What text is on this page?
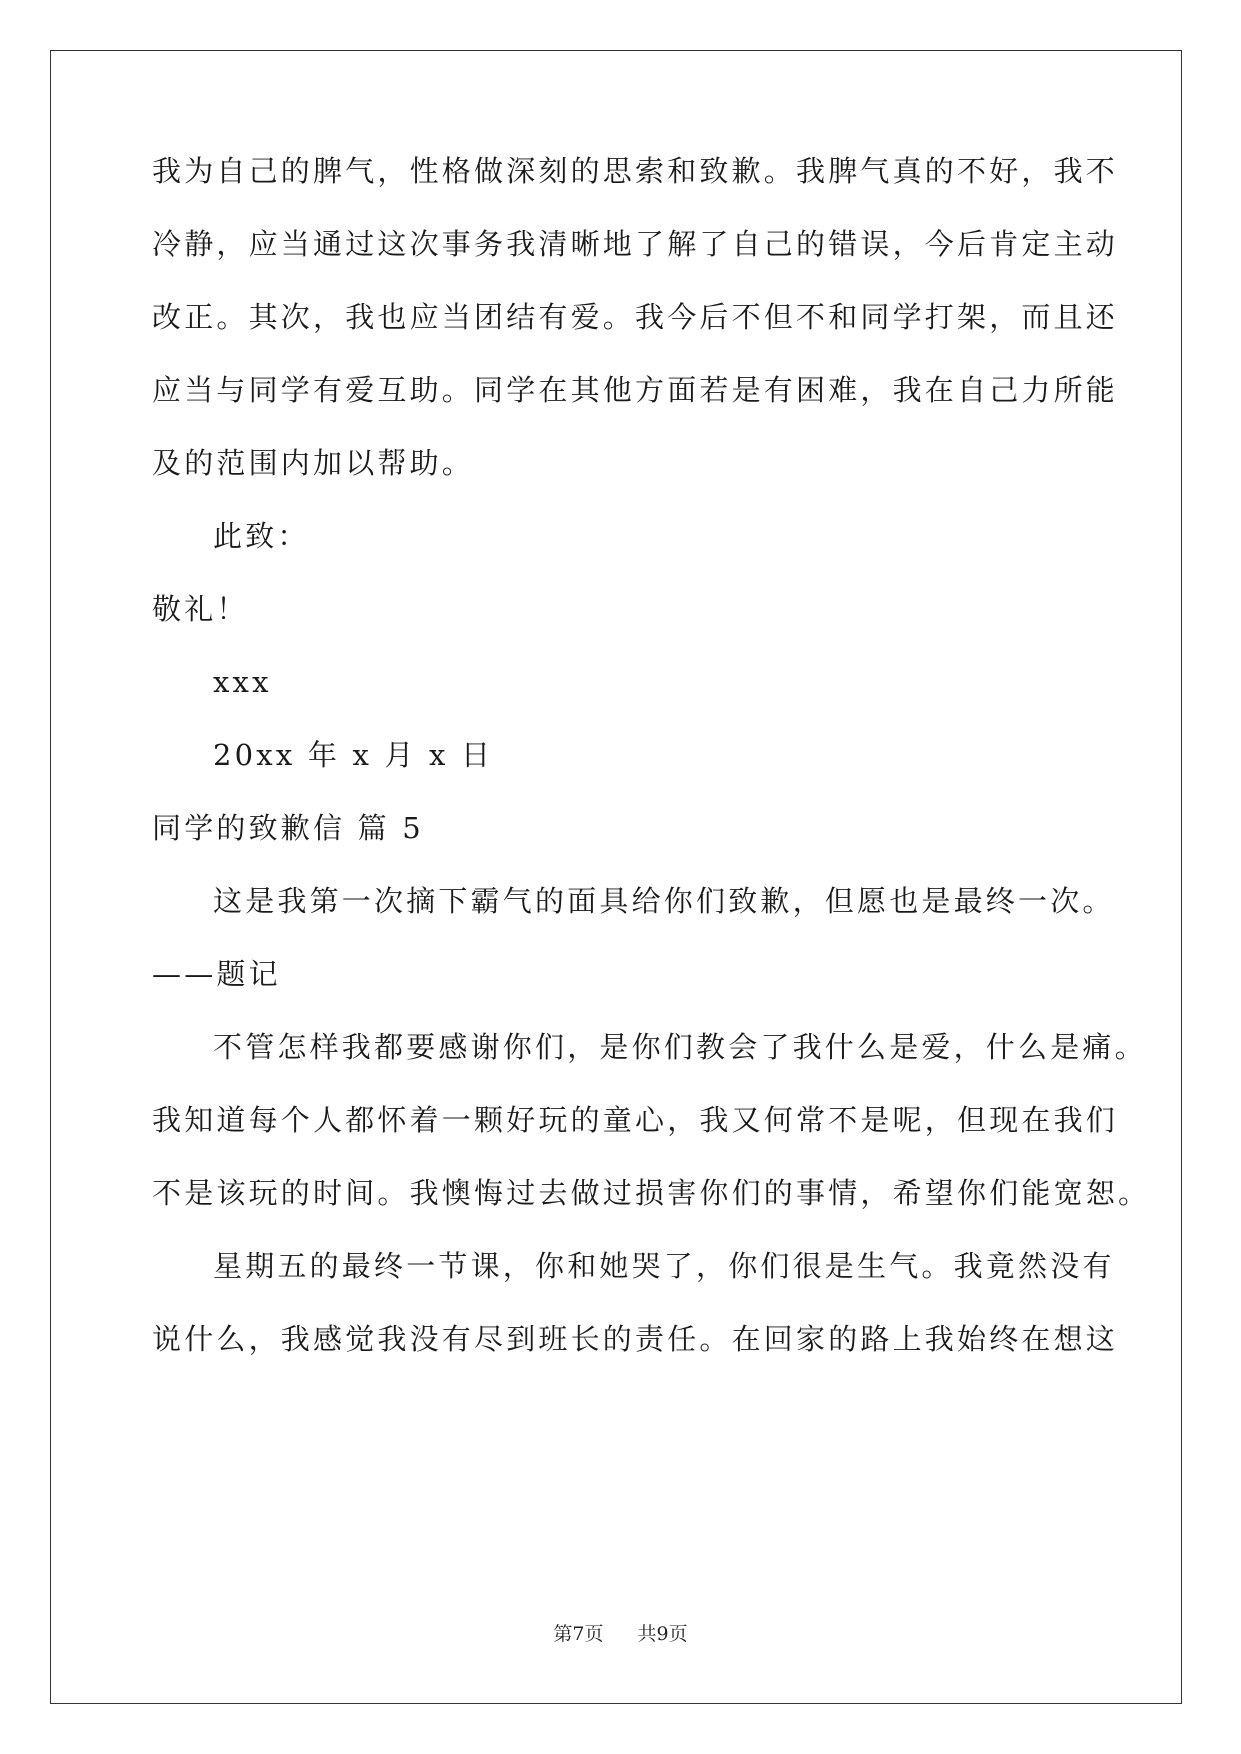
我为自己的脾气，性格做深刻的思索和致歉。我脾气真的不好，我不
冷静，应当通过这次事务我清晰地了解了自己的错误，今后肯定主动
改正。其次，我也应当团结有爱。我今后不但不和同学打架，而且还
应当与同学有爱互助。同学在其他方面若是有困难，我在自己力所能
及的范围内加以帮助。
此致：
敬礼！
xxx
20xx 年 x 月 x 日
同学的致歉信 篇 5
这是我第一次摘下霸气的面具给你们致歉，但愿也是最终一次。
——题记
不管怎样我都要感谢你们，是你们教会了我什么是爱，什么是痛。
我知道每个人都怀着一颗好玩的童心，我又何常不是呢，但现在我们
不是该玩的时间。我懊悔过去做过损害你们的事情，希望你们能宽恕。
星期五的最终一节课，你和她哭了，你们很是生气。我竟然没有
说什么，我感觉我没有尽到班长的责任。在回家的路上我始终在想这
第7页 共9页
